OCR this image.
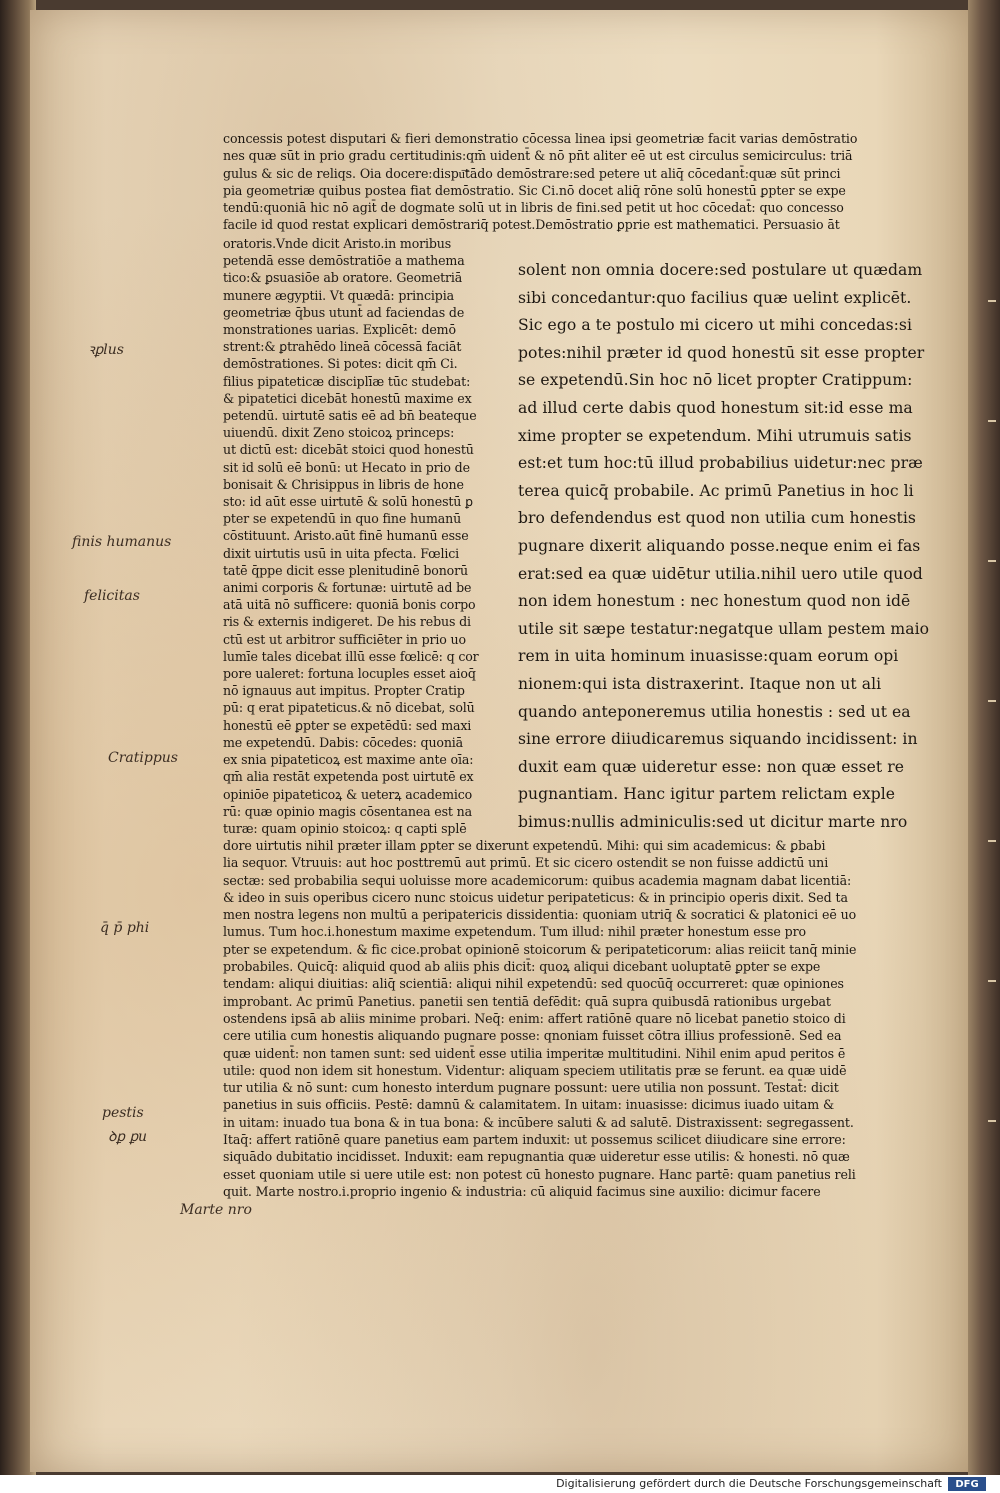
concessis potest disputari & fieri demonstratio cōcessa linea ipsi geometriæ facit varias demōstratio
nes quæ sūt in prio gradu certitudinis:qm̄ uident̄ & nō pn̄t aliter eē ut est circulus semicirculus: triā
gulus & sic de reliqs. Oia docere:dispu͞tādo demōstrare:sed petere ut aliq̄ cōcedant̄:quæ sūt princi
pia geometriæ quibus postea fiat demōstratio. Sic Ci.nō docet aliq̄ rōne solū honestū ꝑpter se expe
tendū:quoniā hic nō agit̄ de dogmate solū ut in libris de fini.sed petit ut hoc cōcedat̄: quo concesso
facile id quod restat explicari demōstrariq̄ potest.Demōstratio ꝑprie est mathematici. Persuasio āt
oratoris.Vnde dicit Aristo.in moribus
petendā esse demōstratiōe a mathema
tico:& ꝑsuasiōe ab oratore. Geometriā
munere ægyptii. Vt quædā: principia
geometriæ q̄bus utunt̄ ad faciendas de
monstrationes uarias. Explicēt: demō
strent:& ꝑtrahēdo lineā cōcessā faciāt
demōstrationes. Si potes: dicit qm̄ Ci.
filius pipateticæ disciplīæ tūc studebat:
& pipatetici dicebāt honestū maxime ex
petendū. uirtutē satis eē ad bn̄ beateque
uiuendū. dixit Zeno stoicoꝝ princeps:
ut dictū est: dicebāt stoici quod honestū
sit id solū eē bonū: ut Hecato in prio de
bonisait & Chrisippus in libris de hone
sto: id aūt esse uirtutē & solū honestū ꝑ
pter se expetendū in quo fine humanū
cōstituunt. Aristo.aūt finē humanū esse
dixit uirtutis usū in uita pfecta. Fœlici
tatē q̄ppe dicit esse plenitudinē bonorū
animi corporis & fortunæ: uirtutē ad be
atā uitā nō sufficere: quoniā bonis corpo
ris & externis indigeret. De his rebus di
ctū est ut arbitror sufficiēter in prio uo
lumīe tales dicebat illū esse fœlicē: q cor
pore ualeret: fortuna locuples esset aioq̄
nō ignauus aut impitus. Propter Cratip
pū: q erat pipateticus.& nō dicebat, solū
honestū eē ꝑpter se expetēdū: sed maxi
me expetendū. Dabis: cōcedes: quoniā
ex snia pipateticoꝝ est maxime ante oīa:
qm̄ alia restāt expetenda post uirtutē ex
opiniōe pipateticoꝝ & ueterꝝ academico
rū: quæ opinio magis cōsentanea est na
turæ: quam opinio stoicoꝝ: q capti splē
dore uirtutis nihil præter illam ꝑpter se dixerunt expetendū. Mihi: qui sim academicus: & ꝑbabi
lia sequor. Vtruuis: aut hoc posttremū aut primū. Et sic cicero ostendit se non fuisse addictū uni
sectæ: sed probabilia sequi uoluisse more academicorum: quibus academia magnam dabat licentiā:
& ideo in suis operibus cicero nunc stoicus uidetur peripateticus: & in principio operis dixit. Sed ta
men nostra legens non multū a peripatericis dissidentia: quoniam utriq̄ & socratici & platonici eē uo
lumus. Tum hoc.i.honestum maxime expetendum. Tum illud: nihil præter honestum esse pro
pter se expetendum. & fic cice.probat opinionē stoicorum & peripateticorum: alias reiicit tanq̄ minie
probabiles. Quicq̄: aliquid quod ab aliis phis dicit̄: quoꝝ aliqui dicebant uoluptatē ꝑpter se expe
tendam: aliqui diuitias: aliq̄ scientiā: aliqui nihil expetendū: sed quocūq̄ occurreret: quæ opiniones
improbant. Ac primū Panetius. panetii sen tentiā defēdit: quā supra quibusdā rationibus urgebat
ostendens ipsā ab aliis minime probari. Neq̄: enim: affert ratiōnē quare nō licebat panetio stoico di
cere utilia cum honestis aliquando pugnare posse: qnoniam fuisset cōtra illius professionē. Sed ea
quæ uident̄: non tamen sunt: sed uident̄ esse utilia imperitæ multitudini. Nihil enim apud peritos ē
utile: quod non idem sit honestum. Videntur: aliquam speciem utilitatis præ se ferunt. ea quæ uidē
tur utilia & nō sunt: cum honesto interdum pugnare possunt: uere utilia non possunt. Testat̄: dicit
panetius in suis officiis. Pestē: damnū & calamitatem. In uitam: inuasisse: dicimus iuado uitam &
in uitam: inuado tua bona & in tua bona: & incūbere saluti & ad salutē. Distraxissent: segregassent.
Itaq̄: affert ratiōnē quare panetius eam partem induxit: ut possemus scilicet diiudicare sine errore:
siquādo dubitatio incidisset. Induxit: eam repugnantia quæ uideretur esse utilis: & honesti. nō quæ
esset quoniam utile si uere utile est: non potest cū honesto pugnare. Hanc partē: quam panetius reli
quit. Marte nostro.i.proprio ingenio & industria: cū aliquid facimus sine auxilio: dicimur facere
solent non omnia docere:sed postulare ut quædam
sibi concedantur:quo facilius quæ uelint explicēt.
Sic ego a te postulo mi cicero ut mihi concedas:si
potes:nihil præter id quod honestū sit esse propter
se expetendū.Sin hoc nō licet propter Cratippum:
ad illud certe dabis quod honestum sit:id esse ma
xime propter se expetendum. Mihi utrumuis satis
est:et tum hoc:tū illud probabilius uidetur:nec præ
terea quicq̄ probabile. Ac primū Panetius in hoc li
bro defendendus est quod non utilia cum honestis
pugnare dixerit aliquando posse.neque enim ei fas
erat:sed ea quæ uidētur utilia.nihil uero utile quod
non idem honestum : nec honestum quod non idē
utile sit sæpe testatur:negatque ullam pestem maio
rem in uita hominum inuasisse:quam eorum opi
nionem:qui ista distraxerint. Itaque non ut ali
quando anteponeremus utilia honestis : sed ut ea
sine errore diiudicaremus siquando incidissent: in
duxit eam quæ uideretur esse: non quæ esset re
pugnantiam. Hanc igitur partem relictam exple
bimus:nullis adminiculis:sed ut dicitur marte nro
ꝛꝑlus
finis humanus
felicitas
Cratippus
q̄ p̄ phi
pestis
ꝺꝑ ꝑu
Marte nro
Digitalisierung gefördert durch die Deutsche Forschungsgemeinschaft	DFG
